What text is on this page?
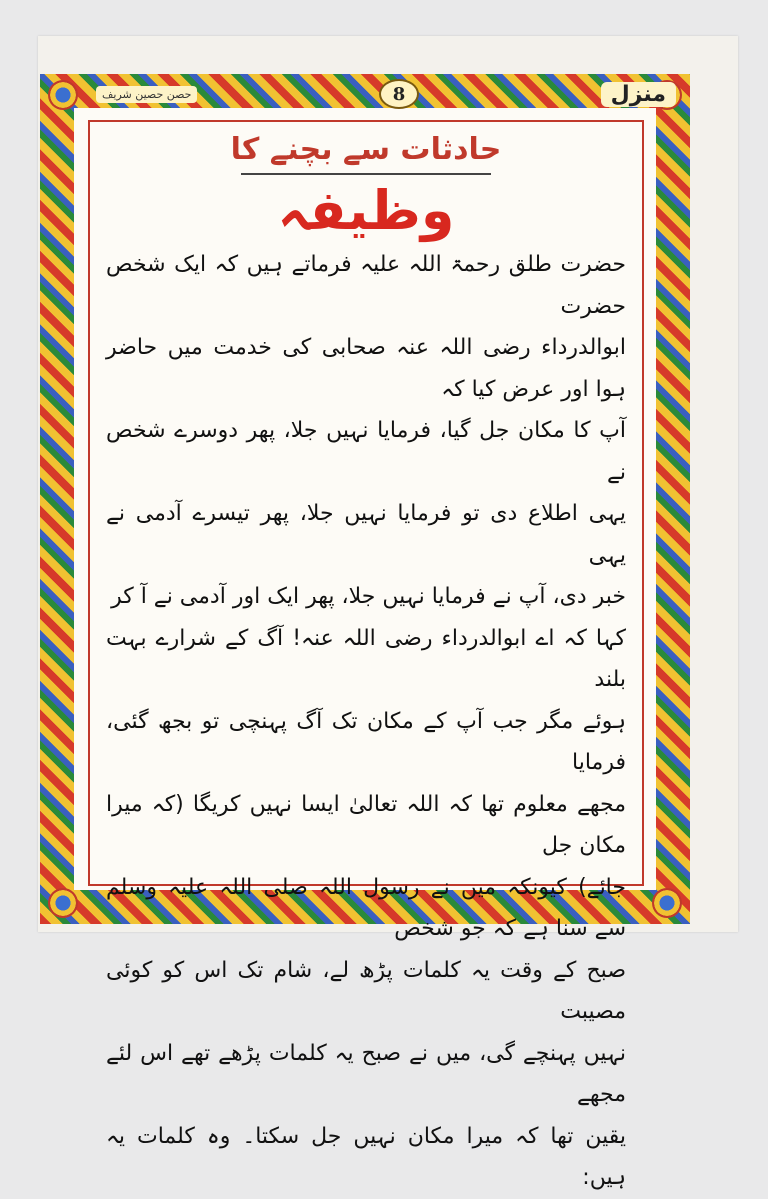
حصن حصین شریف	8	منزل
حادثات سے بچنے کا
وظیفہ

حضرت طلق رحمۃ اللہ علیہ فرماتے ہیں کہ ایک شخص حضرت

ابوالدرداء رضی اللہ عنہ صحابی کی خدمت میں حاضر ہوا اور عرض کیا کہ

آپ کا مکان جل گیا، فرمایا نہیں جلا، پھر دوسرے شخص نے

یہی اطلاع دی تو فرمایا نہیں جلا، پھر تیسرے آدمی نے یہی

خبر دی، آپ نے فرمایا نہیں جلا، پھر ایک اور آدمی نے آ کر

کہا کہ اے ابوالدرداء رضی اللہ عنہ! آگ کے شرارے بہت بلند

ہوئے مگر جب آپ کے مکان تک آگ پہنچی تو بجھ گئی، فرمایا

مجھے معلوم تھا کہ اللہ تعالیٰ ایسا نہیں کریگا (کہ میرا مکان جل

جائے) کیونکہ میں نے رسول اللہ صلی اللہ علیہ وسلم سے سنا ہے کہ جو شخص

صبح کے وقت یہ کلمات پڑھ لے، شام تک اس کو کوئی مصیبت

نہیں پہنچے گی، میں نے صبح یہ کلمات پڑھے تھے اس لئے مجھے

یقین تھا کہ میرا مکان نہیں جل سکتا۔ وہ کلمات یہ ہیں:
